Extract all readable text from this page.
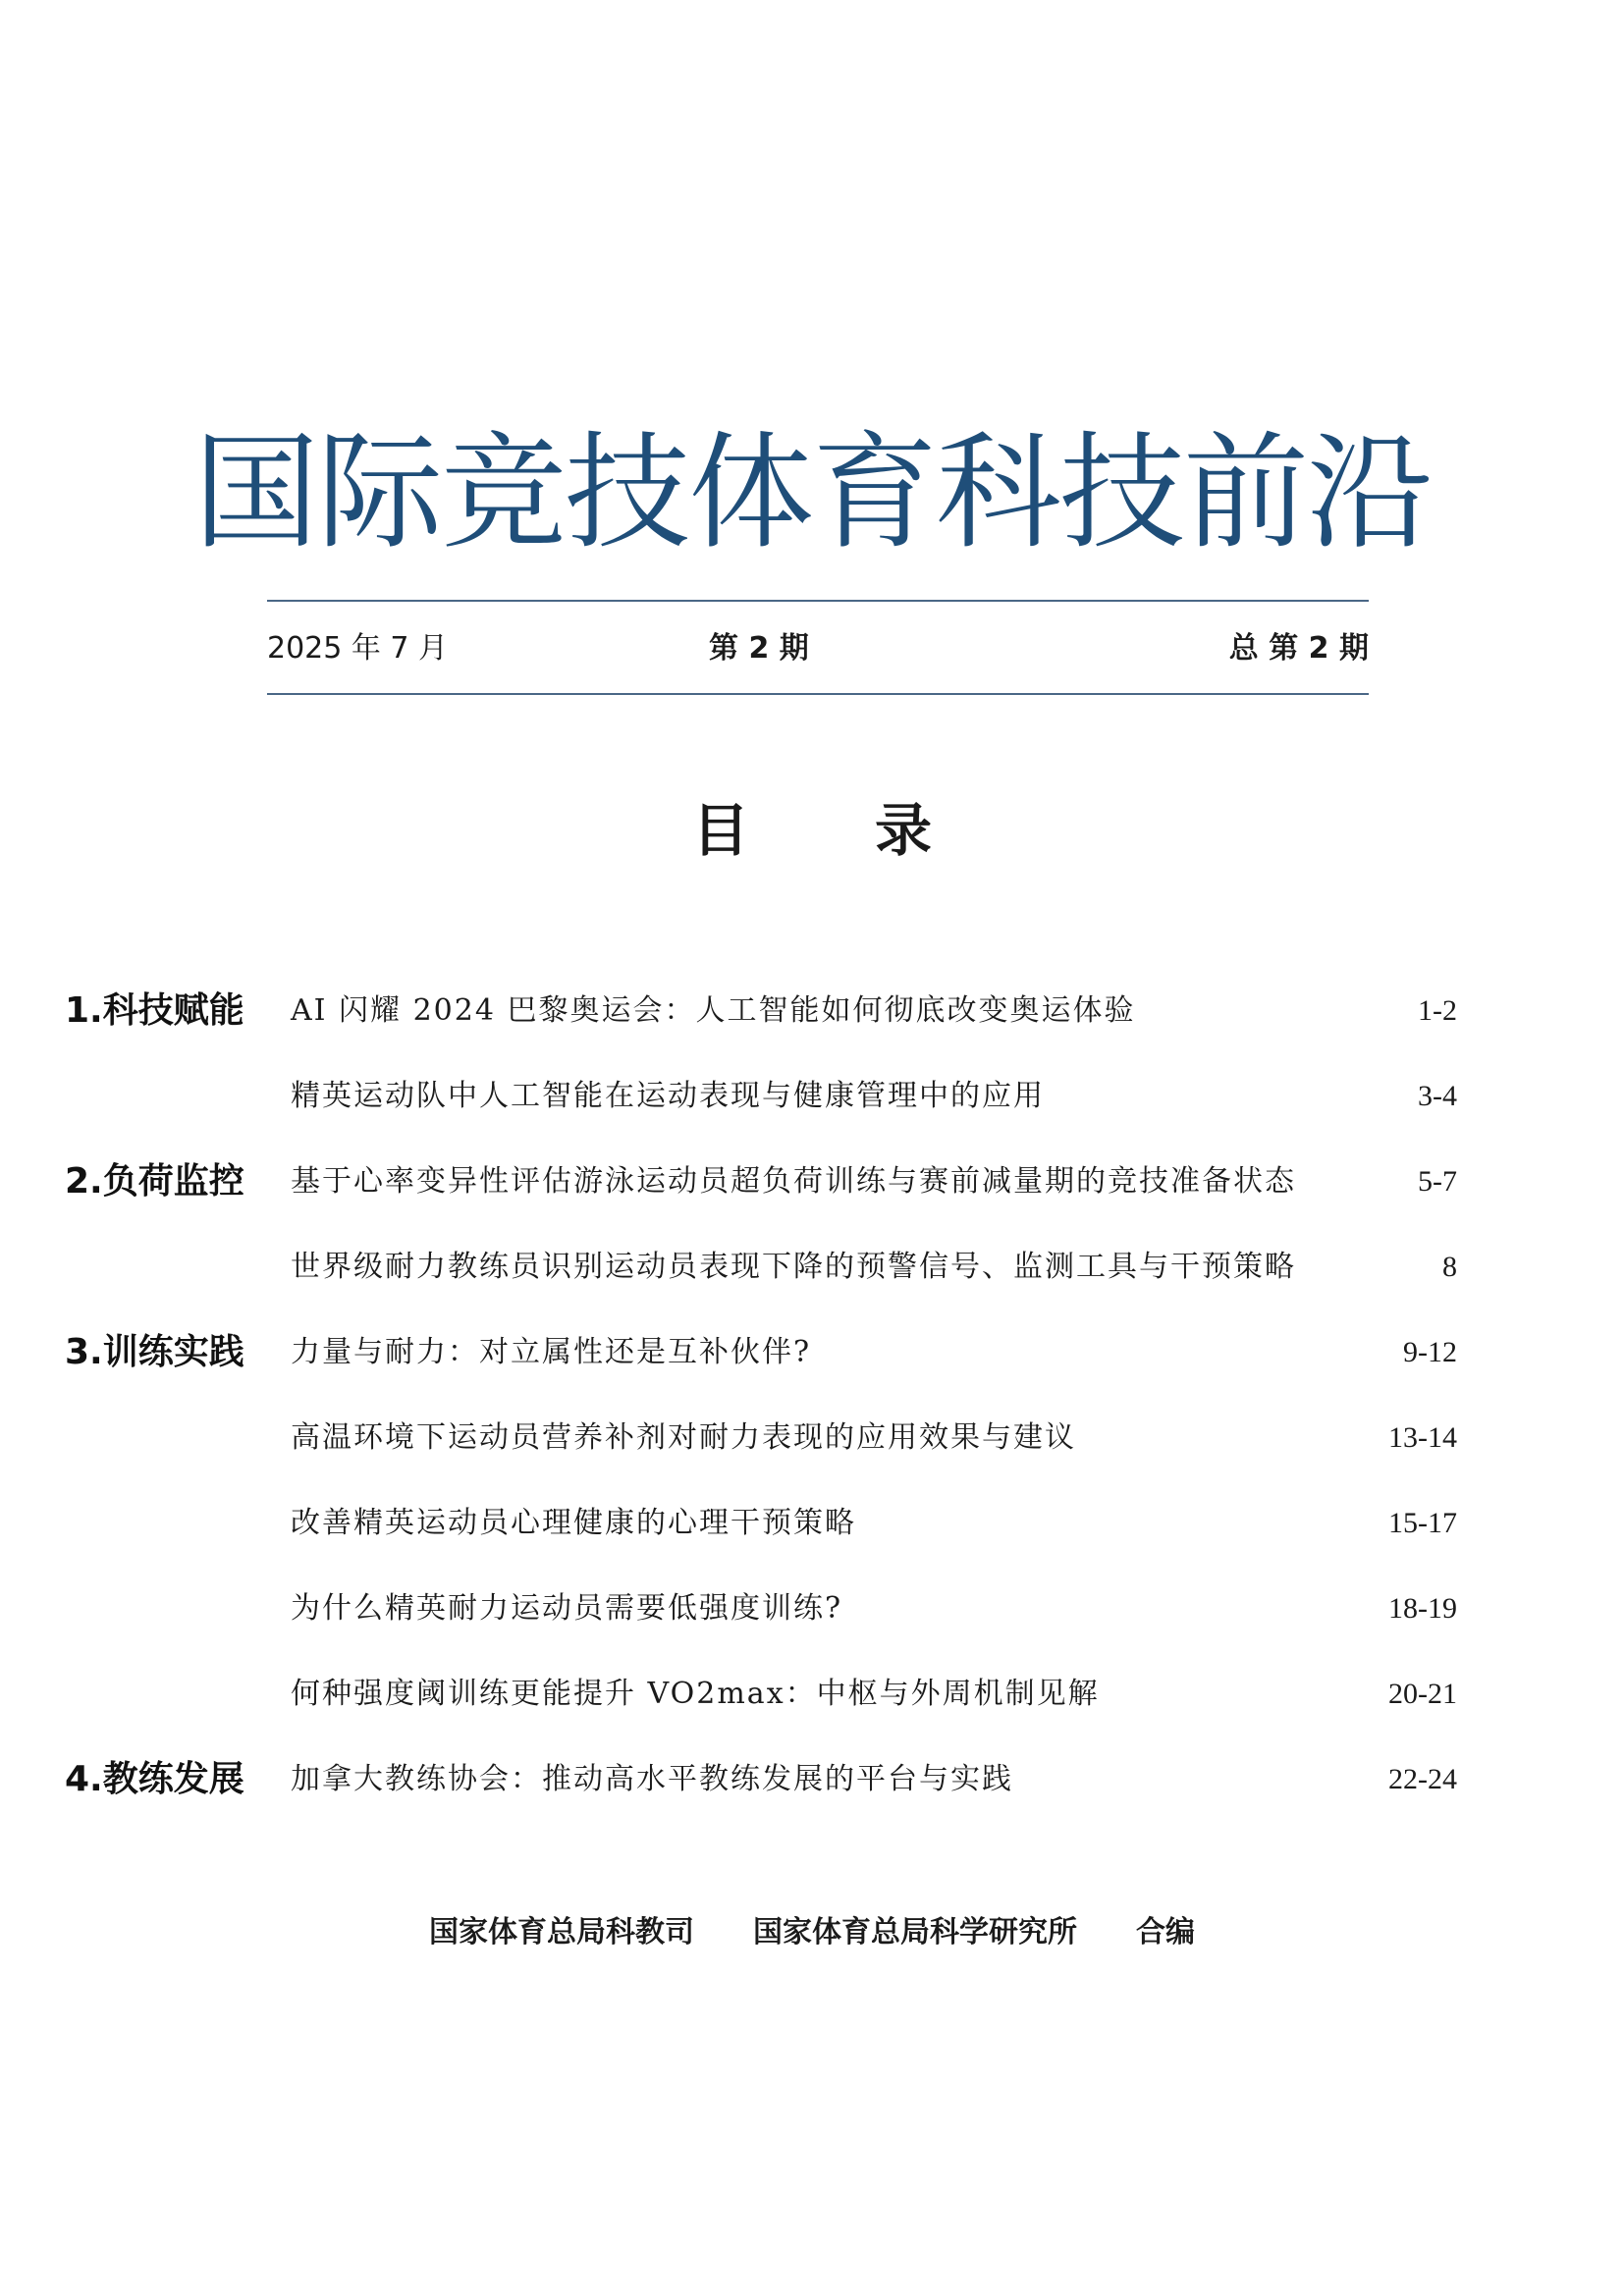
国际竞技体育科技前沿
2025 年 7 月	第 2 期	总 第 2 期
目录
1.科技赋能 AI 闪耀 2024 巴黎奥运会：人工智能如何彻底改变奥运体验	1-2
精英运动队中人工智能在运动表现与健康管理中的应用	3-4
2.负荷监控 基于心率变异性评估游泳运动员超负荷训练与赛前减量期的竞技准备状态	5-7
世界级耐力教练员识别运动员表现下降的预警信号、监测工具与干预策略	8
3.训练实践 力量与耐力：对立属性还是互补伙伴?	9-12
高温环境下运动员营养补剂对耐力表现的应用效果与建议	13-14
改善精英运动员心理健康的心理干预策略	15-17
为什么精英耐力运动员需要低强度训练?	18-19
何种强度阈训练更能提升 VO2max：中枢与外周机制见解	20-21
4.教练发展 加拿大教练协会：推动高水平教练发展的平台与实践	22-24
国家体育总局科教司 国家体育总局科学研究所 合编
